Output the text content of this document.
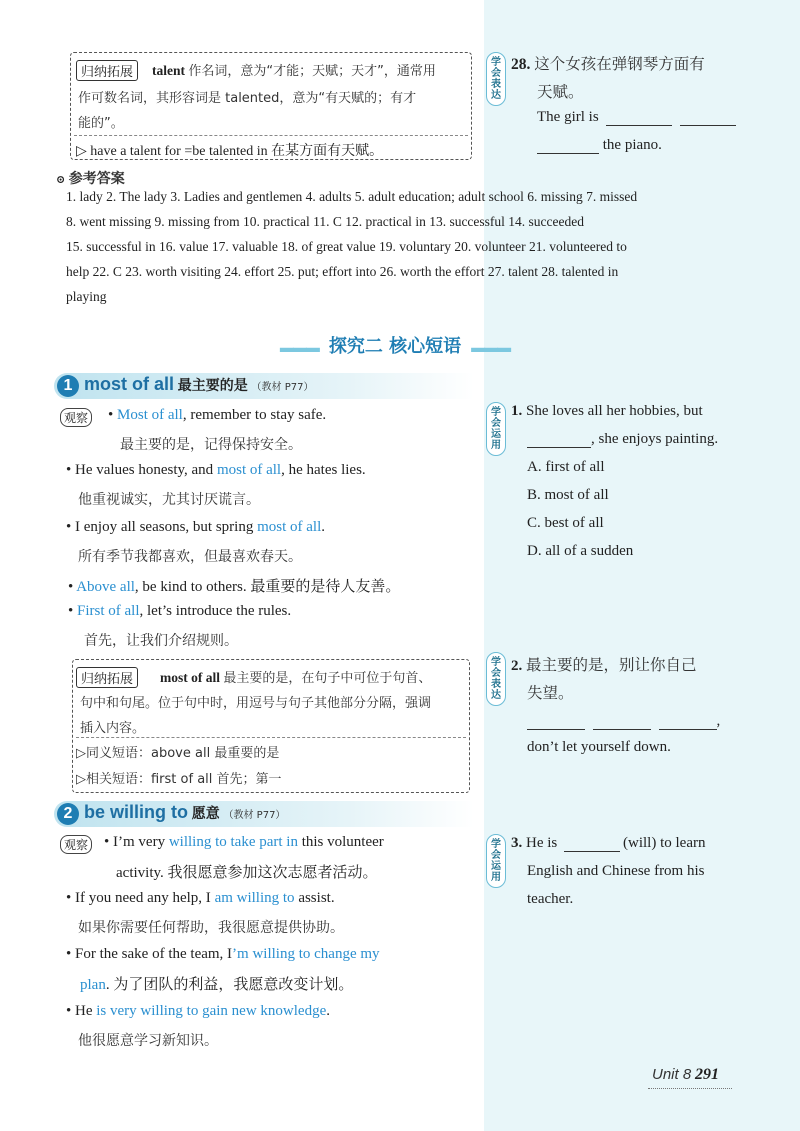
归纳拓展	talent 作名词，意为“才能；天赋；天才”，通常用
作可数名词，其形容词是 talented，意为“有天赋的；有才
能的”。
▷ have a talent for =be talented in 在某方面有天赋。
学
会
表
达
28. 这个女孩在弹钢琴方面有
天赋。
The girl is
the piano.
⊙ 参考答案
1. lady 2. The lady 3. Ladies and gentlemen 4. adults 5. adult education; adult school 6. missing 7. missed
8. went missing 9. missing from 10. practical 11. C 12. practical in 13. successful 14. succeeded
15. successful in 16. value 17. valuable 18. of great value 19. voluntary 20. volunteer 21. volunteered to
help 22. C 23. worth visiting 24. effort 25. put; effort into 26. worth the effort 27. talent 28. talented in
playing
▬▬▬ 探究二 核心短语 ▬▬▬
1 most of all 最主要的是 （教材 P77）
观察 • Most of all, remember to stay safe.
最主要的是，记得保持安全。
• He values honesty, and most of all, he hates lies.
他重视诚实，尤其讨厌谎言。
• I enjoy all seasons, but spring most of all.
所有季节我都喜欢，但最喜欢春天。
• Above all, be kind to others. 最重要的是待人友善。
• First of all, let’s introduce the rules.
首先，让我们介绍规则。
归纳拓展	most of all 最主要的是，在句子中可位于句首、
句中和句尾。位于句中时，用逗号与句子其他部分分隔，强调
插入内容。
▷同义短语：above all 最重要的是
▷相关短语：first of all 首先；第一
学
会
运
用
1. She loves all her hobbies, but
, she enjoys painting.
A. first of all
B. most of all
C. best of all
D. all of a sudden
学
会
表
达
2. 最主要的是，别让你自己
失望。
,
don’t let yourself down.
2 be willing to 愿意 （教材 P77）
观察 • I’m very willing to take part in this volunteer
activity. 我很愿意参加这次志愿者活动。
• If you need any help, I am willing to assist.
如果你需要任何帮助，我很愿意提供协助。
• For the sake of the team, I’m willing to change my
plan. 为了团队的利益，我愿意改变计划。
• He is very willing to gain new knowledge.
他很愿意学习新知识。
学
会
运
用
3. He is	(will) to learn
English and Chinese from his
teacher.
Unit 8 291
